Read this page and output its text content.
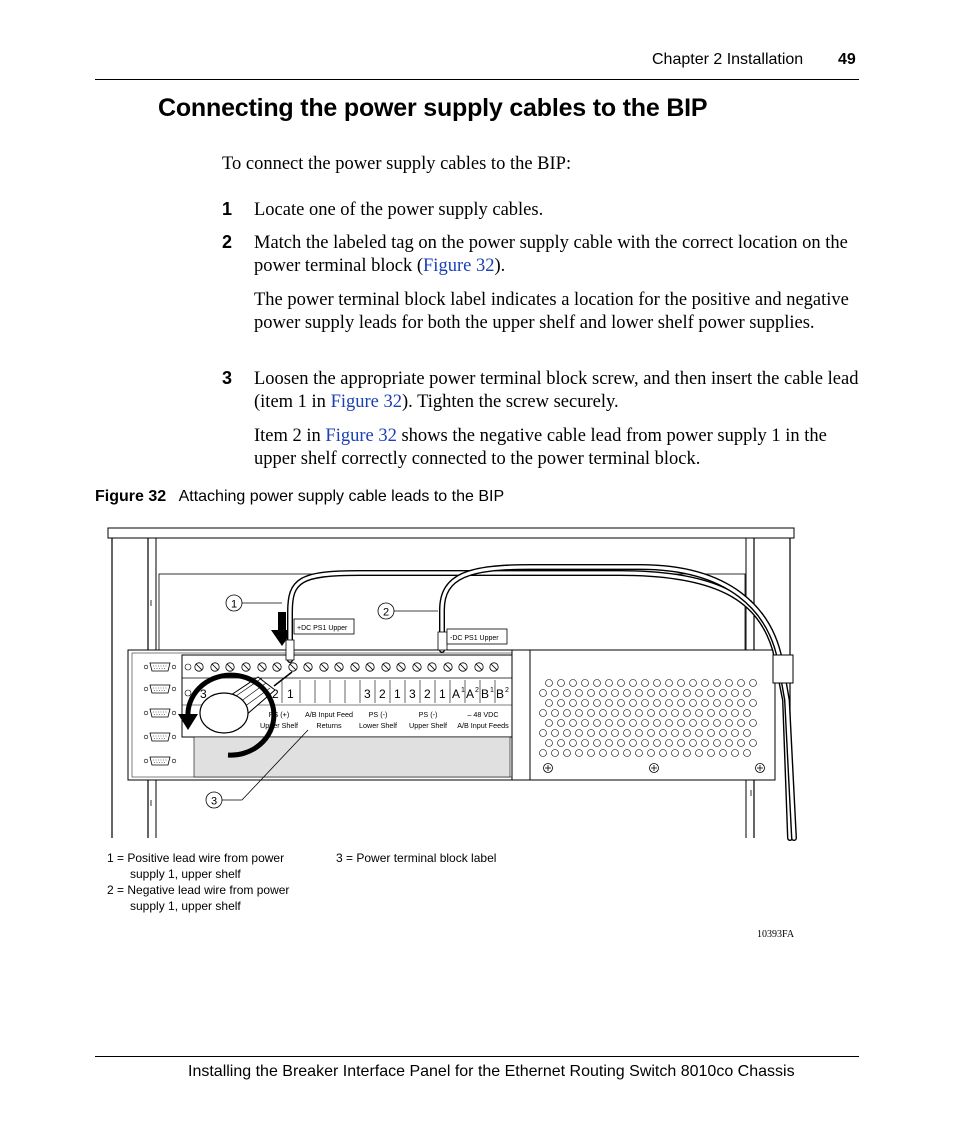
Chapter 2 Installation 49
Connecting the power supply cables to the BIP
To connect the power supply cables to the BIP:
1 Locate one of the power supply cables.
2 Match the labeled tag on the power supply cable with the correct location on the power terminal block (Figure 32).
The power terminal block label indicates a location for the positive and negative power supply leads for both the upper shelf and lower shelf power supplies.
3 Loosen the appropriate power terminal block screw, and then insert the cable lead (item 1 in Figure 32). Tighten the screw securely.
Item 2 in Figure 32 shows the negative cable lead from power supply 1 in the upper shelf correctly connected to the power terminal block.
Figure 32 Attaching power supply cable leads to the BIP
3	2 1	3 2 1 3 2 1 A 1 A 2 B 1 B 2
PS (+)
Upper Shelf
A/B Input Feed
Returns
PS (-)
Lower Shelf
PS (-)
Upper Shelf
– 48 VDC
A/B Input Feeds
+DC PS1 Upper
-DC PS1 Upper
1
2
3
1 = Positive lead wire from power
supply 1, upper shelf
2 = Negative lead wire from power
supply 1, upper shelf
3 = Power terminal block label
10393FA
Installing the Breaker Interface Panel for the Ethernet Routing Switch 8010co Chassis
